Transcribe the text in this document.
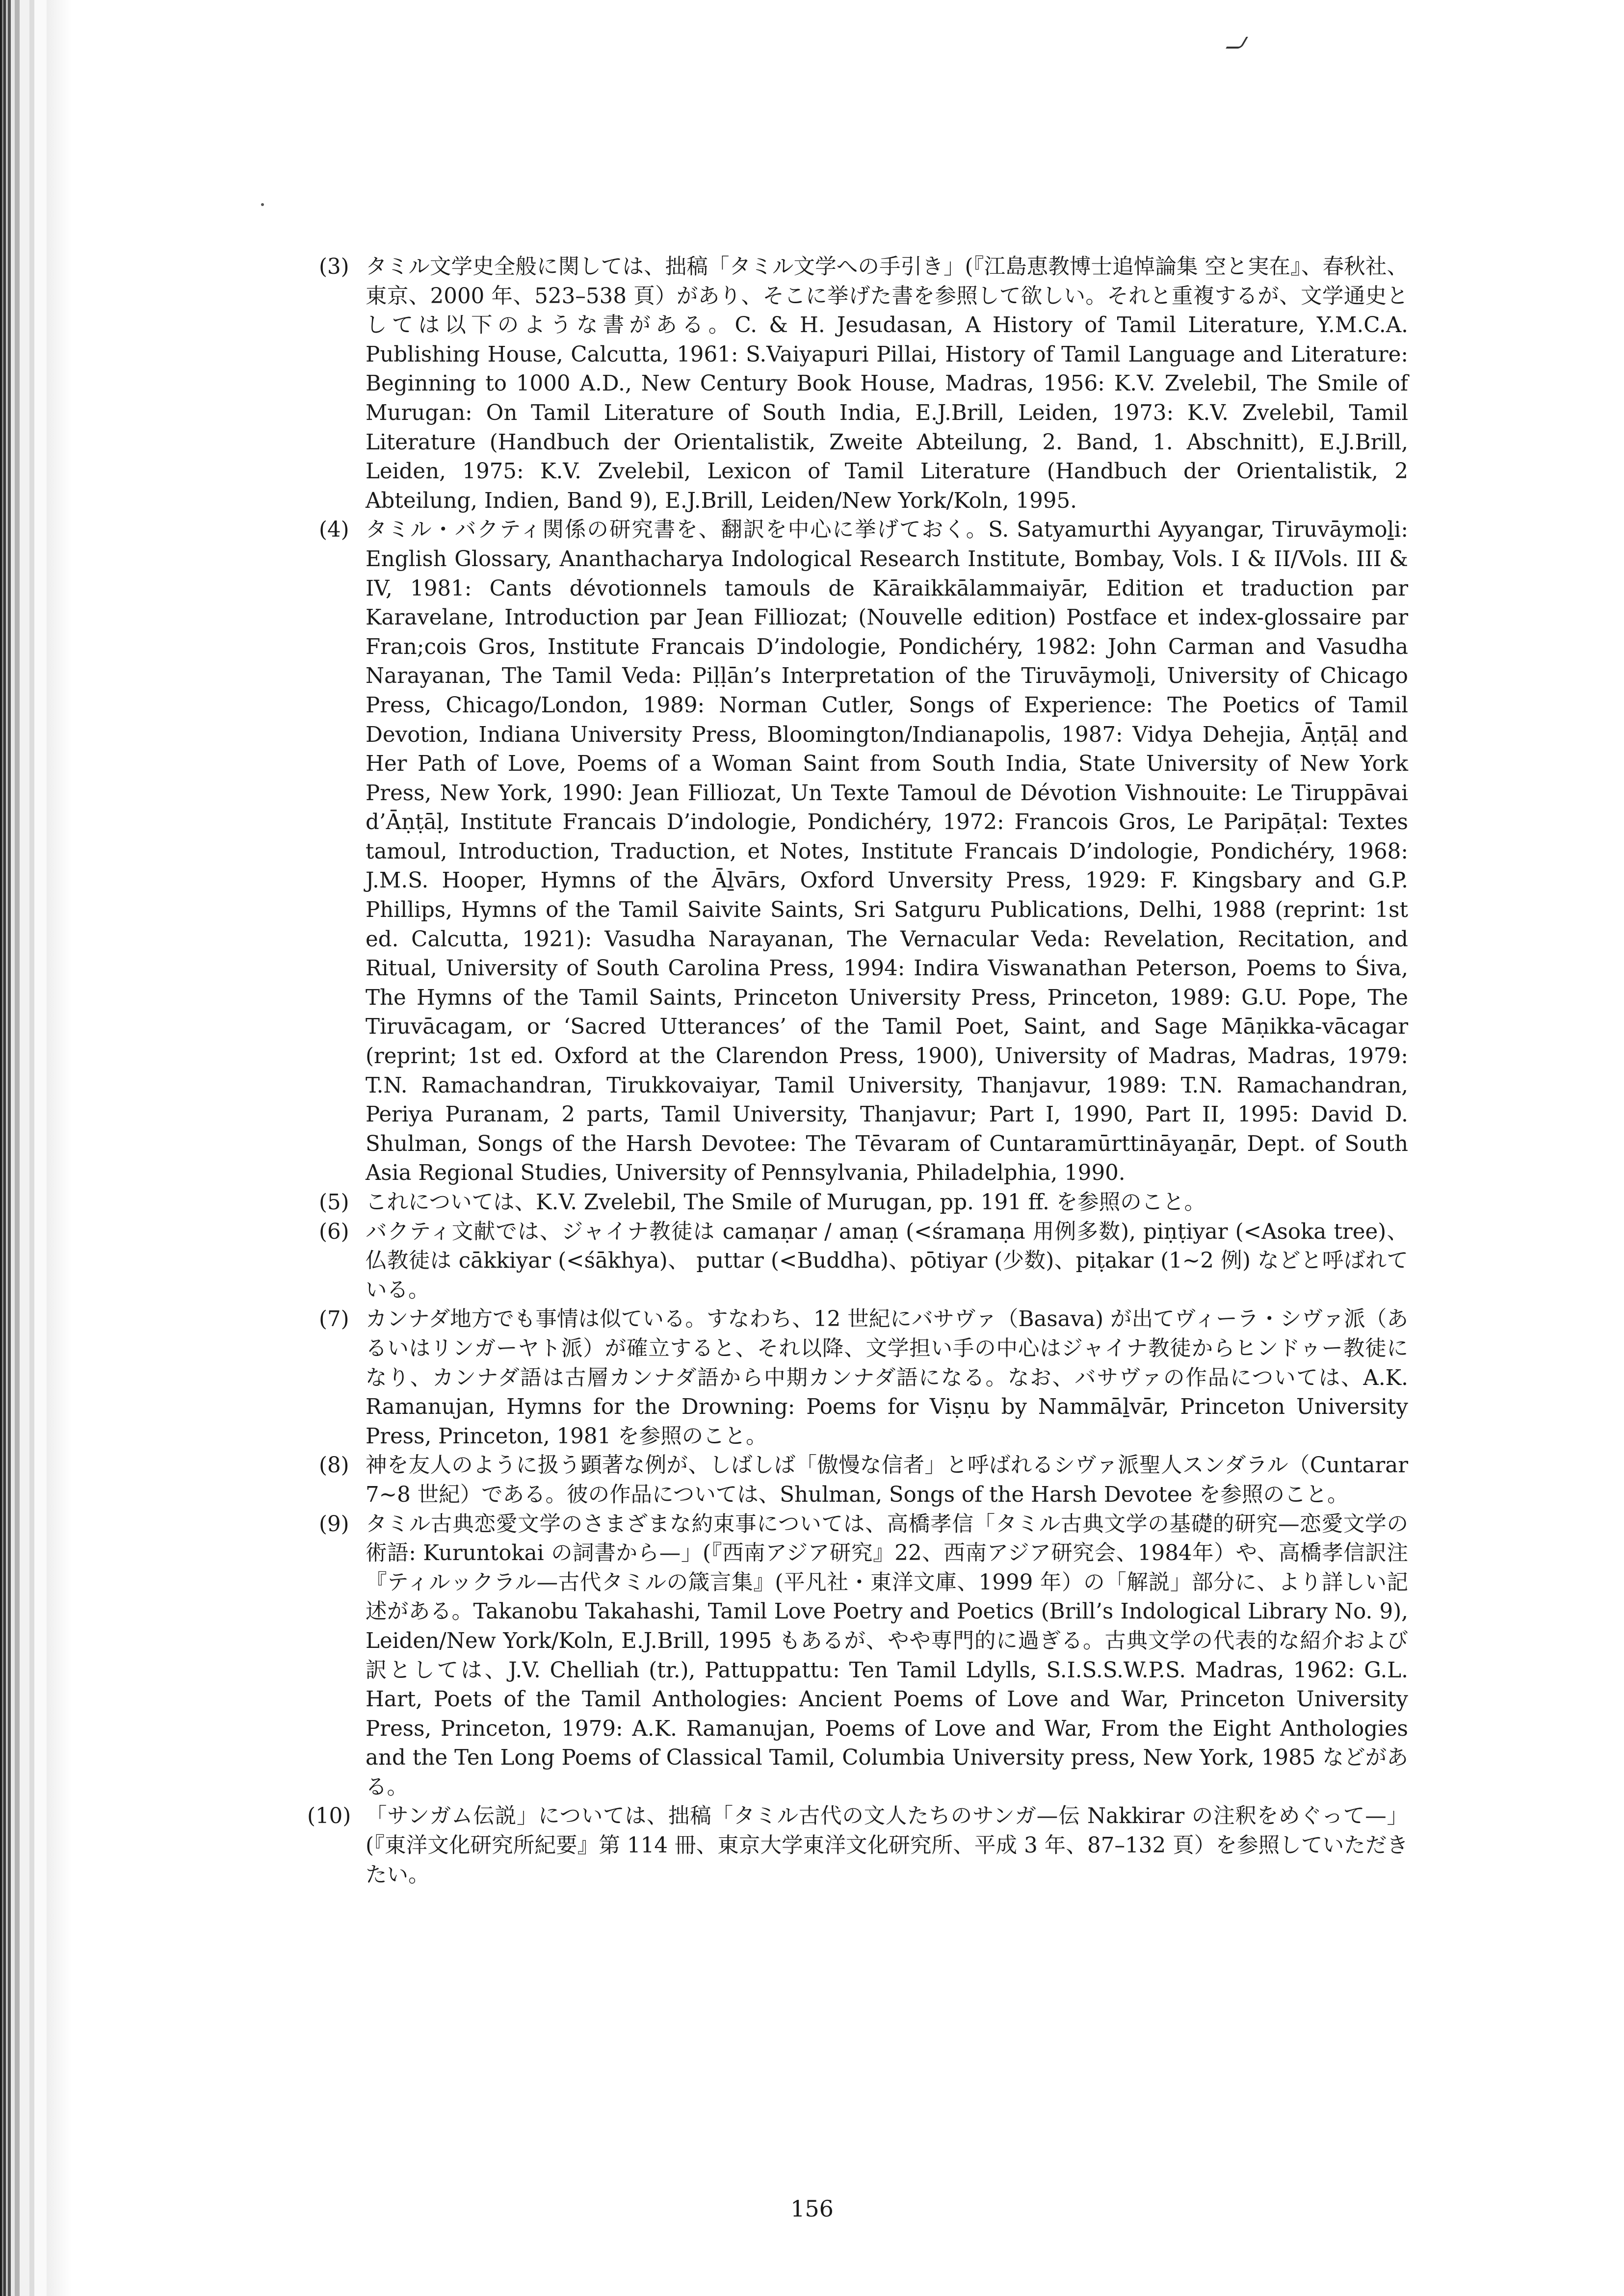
(3) タミル文学史全般に関しては、拙稿「タミル文学への手引き」(『江島恵教博士追悼論集 空と実在』、春秋社、東京、2000 年、523–538 頁）があり、そこに挙げた書を参照して欲しい。それと重複するが、文学通史としては以下のような書がある。C. & H. Jesudasan, A History of Tamil Literature, Y.M.C.A. Publishing House, Calcutta, 1961: S.Vaiyapuri Pillai, History of Tamil Language and Literature: Beginning to 1000 A.D., New Century Book House, Madras, 1956: K.V. Zvelebil, The Smile of Murugan: On Tamil Literature of South India, E.J.Brill, Leiden, 1973: K.V. Zvelebil, Tamil Literature (Handbuch der Orientalistik, Zweite Abteilung, 2. Band, 1. Abschnitt), E.J.Brill, Leiden, 1975: K.V. Zvelebil, Lexicon of Tamil Literature (Handbuch der Orientalistik, 2 Abteilung, Indien, Band 9), E.J.Brill, Leiden/New York/Koln, 1995.

(4) タミル・バクティ関係の研究書を、翻訳を中心に挙げておく。S. Satyamurthi Ayyangar, Tiruvāymoḻi: English Glossary, Ananthacharya Indological Research Institute, Bombay, Vols. I & II/Vols. III & IV, 1981: Cants dévotionnels tamouls de Kāraikkālammaiyār, Edition et traduction par Karavelane, Introduction par Jean Filliozat; (Nouvelle edition) Postface et index-glossaire par Fran;cois Gros, Institute Francais D’indologie, Pondichéry, 1982: John Carman and Vasudha Narayanan, The Tamil Veda: Piḷḷān’s Interpretation of the Tiruvāymoḻi, University of Chicago Press, Chicago/London, 1989: Norman Cutler, Songs of Experience: The Poetics of Tamil Devotion, Indiana University Press, Bloomington/Indianapolis, 1987: Vidya Dehejia, Āṇṭāḷ and Her Path of Love, Poems of a Woman Saint from South India, State University of New York Press, New York, 1990: Jean Filliozat, Un Texte Tamoul de Dévotion Vishnouite: Le Tiruppāvai d’Āṇṭāḷ, Institute Francais D’indologie, Pondichéry, 1972: Francois Gros, Le Paripāṭal: Textes tamoul, Introduction, Traduction, et Notes, Institute Francais D’indologie, Pondichéry, 1968: J.M.S. Hooper, Hymns of the Āḻvārs, Oxford Unversity Press, 1929: F. Kingsbary and G.P. Phillips, Hymns of the Tamil Saivite Saints, Sri Satguru Publications, Delhi, 1988 (reprint: 1st ed. Calcutta, 1921): Vasudha Narayanan, The Vernacular Veda: Revelation, Recitation, and Ritual, University of South Carolina Press, 1994: Indira Viswanathan Peterson, Poems to Śiva, The Hymns of the Tamil Saints, Princeton University Press, Princeton, 1989: G.U. Pope, The Tiruvācagam, or ‘Sacred Utterances’ of the Tamil Poet, Saint, and Sage Māṇikka-vācagar (reprint; 1st ed. Oxford at the Clarendon Press, 1900), University of Madras, Madras, 1979: T.N. Ramachandran, Tirukkovaiyar, Tamil University, Thanjavur, 1989: T.N. Ramachandran, Periya Puranam, 2 parts, Tamil University, Thanjavur; Part I, 1990, Part II, 1995: David D. Shulman, Songs of the Harsh Devotee: The Tēvaram of Cuntaramūrttināyaṉār, Dept. of South Asia Regional Studies, University of Pennsylvania, Philadelphia, 1990.

(5) これについては、K.V. Zvelebil, The Smile of Murugan, pp. 191 ff. を参照のこと。

(6) バクティ文献では、ジャイナ教徒は camaṇar / amaṇ (<śramaṇa 用例多数), piṇṭiyar (<Asoka tree)、仏教徒は cākkiyar (<śākhya)、 puttar (<Buddha)、pōtiyar (少数)、piṭakar (1~2 例) などと呼ばれている。

(7) カンナダ地方でも事情は似ている。すなわち、12 世紀にバサヴァ（Basava) が出てヴィーラ・シヴァ派（あるいはリンガーヤト派）が確立すると、それ以降、文学担い手の中心はジャイナ教徒からヒンドゥー教徒になり、カンナダ語は古層カンナダ語から中期カンナダ語になる。なお、バサヴァの作品については、A.K. Ramanujan, Hymns for the Drowning: Poems for Viṣṇu by Nammāḻvār, Princeton University Press, Princeton, 1981 を参照のこと。

(8) 神を友人のように扱う顕著な例が、しばしば「傲慢な信者」と呼ばれるシヴァ派聖人スンダラル（Cuntarar 7~8 世紀）である。彼の作品については、Shulman, Songs of the Harsh Devotee を参照のこと。

(9) タミル古典恋愛文学のさまざまな約束事については、高橋孝信「タミル古典文学の基礎的研究—恋愛文学の術語: Kuruntokai の詞書から—」(『西南アジア研究』22、西南アジア研究会、1984年）や、高橋孝信訳注『ティルックラル—古代タミルの箴言集』(平凡社・東洋文庫、1999 年）の「解説」部分に、より詳しい記述がある。Takanobu Takahashi, Tamil Love Poetry and Poetics (Brill’s Indological Library No. 9), Leiden/New York/Koln, E.J.Brill, 1995 もあるが、やや専門的に過ぎる。古典文学の代表的な紹介および訳としては、J.V. Chelliah (tr.), Pattuppattu: Ten Tamil Ldylls, S.I.S.S.W.P.S. Madras, 1962: G.L. Hart, Poets of the Tamil Anthologies: Ancient Poems of Love and War, Princeton University Press, Princeton, 1979: A.K. Ramanujan, Poems of Love and War, From the Eight Anthologies and the Ten Long Poems of Classical Tamil, Columbia University press, New York, 1985 などがある。

(10) 「サンガム伝説」については、拙稿「タミル古代の文人たちのサンガ—伝 Nakkirar の注釈をめぐって—」(『東洋文化研究所紀要』第 114 冊、東京大学東洋文化研究所、平成 3 年、87–132 頁）を参照していただきたい。

156
